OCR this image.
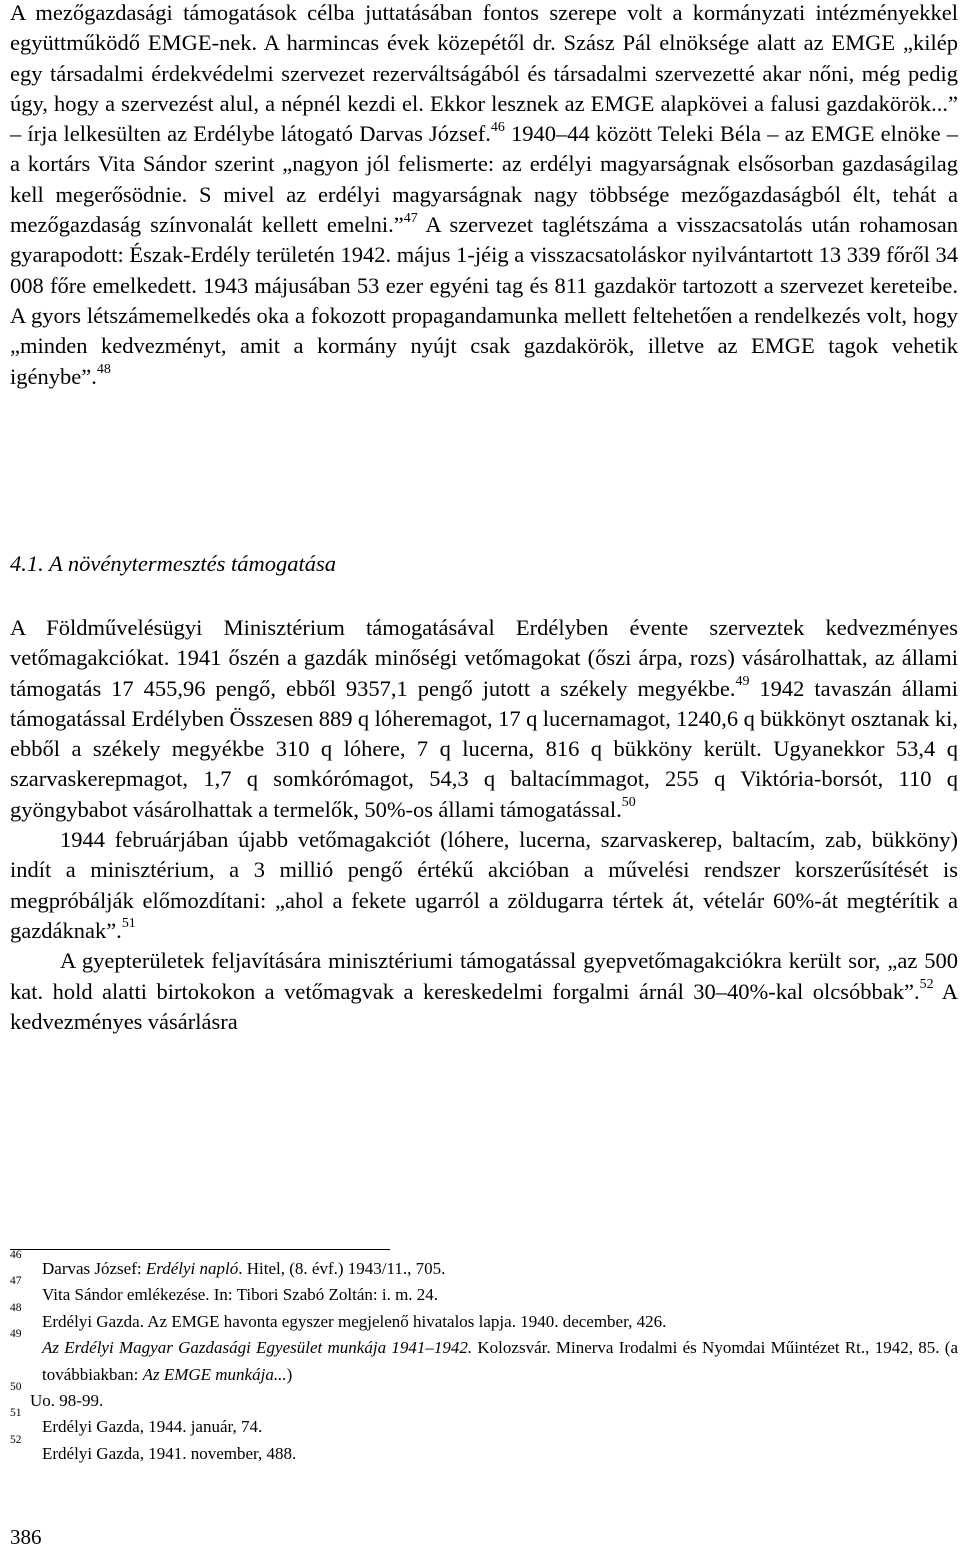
A mezőgazdasági támogatások célba juttatásában fontos szerepe volt a kormányzati intézményekkel együttműködő EMGE-nek. A harmincas évek közepétől dr. Szász Pál elnöksége alatt az EMGE „kilép egy társadalmi érdekvédelmi szervezet rezerváltságából és társadalmi szervezetté akar nőni, még pedig úgy, hogy a szervezést alul, a népnél kezdi el. Ekkor lesznek az EMGE alapkövei a falusi gazdakörök...” – írja lelkesülten az Erdélybe látogató Darvas József.$^{46}$ 1940–44 között Teleki Béla – az EMGE elnöke – a kortárs Vita Sándor szerint „nagyon jól felismerte: az erdélyi magyarságnak elsősorban gazdaságilag kell megerősödnie. S mivel az erdélyi magyarságnak nagy többsége mezőgazdaságból élt, tehát a mezőgazdaság színvonalát kellett emelni.”$^{47}$ A szervezet taglétszáma a visszacsatolás után rohamosan gyarapodott: Észak-Erdély területén 1942. május 1-jéig a visszacsatoláskor nyilvántartott 13 339 főről 34 008 főre emelkedett. 1943 májusában 53 ezer egyéni tag és 811 gazdakör tartozott a szervezet kereteibe. A gyors létszámemelkedés oka a fokozott propagandamunka mellett feltehetően a rendelkezés volt, hogy „minden kedvezményt, amit a kormány nyújt csak gazdakörök, illetve az EMGE tagok vehetik igénybe”.$^{48}$

4.1. A növénytermesztés támogatása

A Földművelésügyi Minisztérium támogatásával Erdélyben évente szerveztek kedvezményes vetőmagakciókat. 1941 őszén a gazdák minőségi vetőmagokat (őszi árpa, rozs) vásárolhattak, az állami támogatás 17 455,96 pengő, ebből 9357,1 pengő jutott a székely megyékbe.$^{49}$ 1942 tavaszán állami támogatással Erdélyben Összesen 889 q lóheremagot, 17 q lucernamagot, 1240,6 q bükkönyt osztanak ki, ebből a székely megyékbe 310 q lóhere, 7 q lucerna, 816 q bükköny került. Ugyanekkor 53,4 q szarvaskerepmagot, 1,7 q somkórómagot, 54,3 q baltacímmagot, 255 q Viktória-borsót, 110 q gyöngybabot vásárolhattak a termelők, 50%-os állami támogatással.$^{50}$

1944 februárjában újabb vetőmagakciót (lóhere, lucerna, szarvaskerep, baltacím, zab, bükköny) indít a minisztérium, a 3 millió pengő értékű akcióban a művelési rendszer korszerűsítését is megpróbálják előmozdítani: „ahol a fekete ugarról a zöldugarra tértek át, vételár 60%-át megtérítik a gazdáknak”.$^{51}$

A gyepterületek feljavítására minisztériumi támogatással gyepvetőmagakciókra került sor, „az 500 kat. hold alatti birtokokon a vetőmagvak a kereskedelmi forgalmi árnál 30–40%-kal olcsóbbak”.$^{52}$ A kedvezményes vásárlásra

46
Darvas József: Erdélyi napló. Hitel, (8. évf.) 1943/11., 705.
47
Vita Sándor emlékezése. In: Tibori Szabó Zoltán: i. m. 24.
48
Erdélyi Gazda. Az EMGE havonta egyszer megjelenő hivatalos lapja. 1940. december, 426.
49
Az Erdélyi Magyar Gazdasági Egyesület munkája 1941–1942. Kolozsvár. Minerva Irodalmi és Nyomdai Műintézet Rt., 1942, 85. (a továbbiakban: Az EMGE munkája...)
50
Uo. 98-99.
51
Erdélyi Gazda, 1944. január, 74.
52
Erdélyi Gazda, 1941. november, 488.
386
